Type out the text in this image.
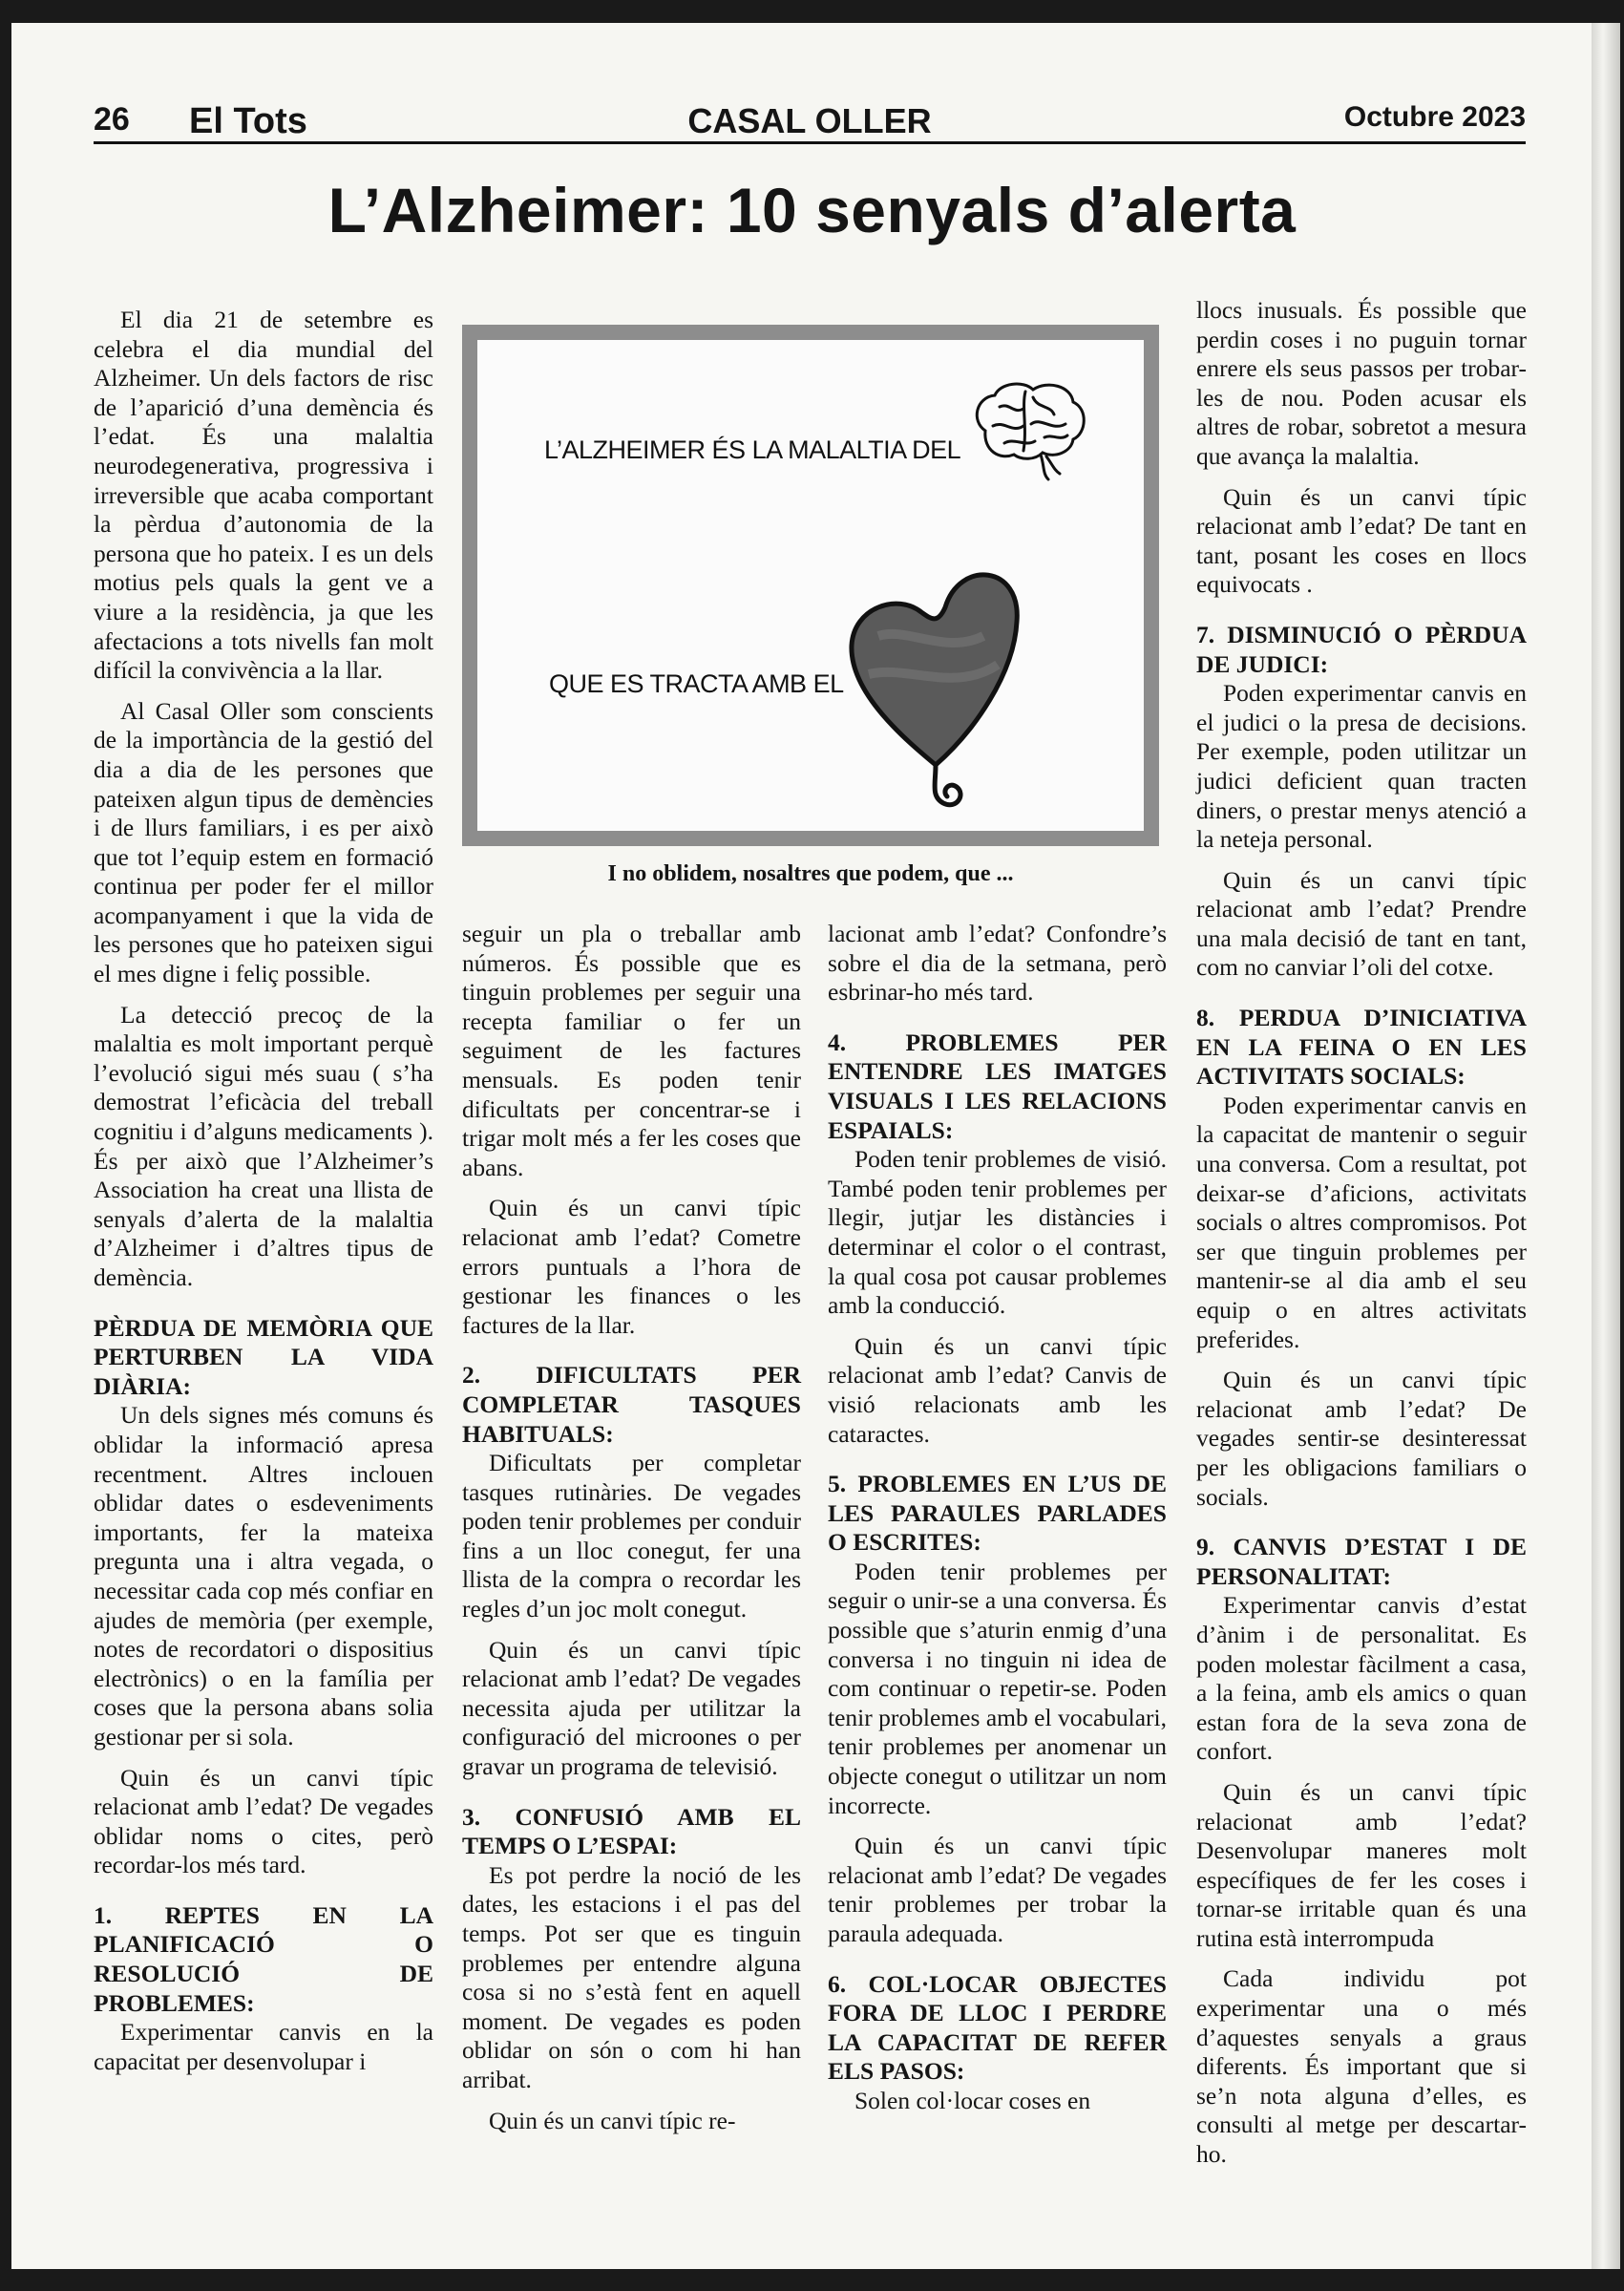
26 El Tots	CASAL OLLER	Octubre 2023
L’Alzheimer: 10 senyals d’alerta

El dia 21 de setembre es celebra el dia mundial del Alzheimer. Un dels factors de risc de l’aparició d’una demència és l’edat. És una malaltia neurodegenerativa, progressiva i irreversible que acaba comportant la pèrdua d’autonomia de la persona que ho pateix. I es un dels motius pels quals la gent ve a viure a la residència, ja que les afectacions a tots nivells fan molt difícil la convivència a la llar.

Al Casal Oller som conscients de la importància de la gestió del dia a dia de les persones que pateixen algun tipus de demències i de llurs familiars, i es per això que tot l’equip estem en formació continua per poder fer el millor acompanyament i que la vida de les persones que ho pateixen sigui el mes digne i feliç possible.

La detecció precoç de la malaltia es molt important perquè l’evolució sigui més suau ( s’ha demostrat l’eficàcia del treball cognitiu i d’alguns medicaments ). És per això que l’Alzheimer’s Association ha creat una llista de senyals d’alerta de la malaltia d’Alzheimer i d’altres tipus de demència.

PÈRDUA DE MEMÒRIA QUE PERTURBEN LA VIDA DIÀRIA:

Un dels signes més comuns és oblidar la informació apresa recentment. Altres inclouen oblidar dates o esdeveniments importants, fer la mateixa pregunta una i altra vegada, o necessitar cada cop més confiar en ajudes de memòria (per exemple, notes de recordatori o dispositius electrònics) o en la família per coses que la persona abans solia gestionar per si sola.

Quin és un canvi típic relacionat amb l’edat? De vegades oblidar noms o cites, però recordar-los més tard.

1. REPTES EN LA PLANIFICACIÓ O RESOLUCIÓ DE PROBLEMES:

Experimentar canvis en la capacitat per desenvolupar i

L’ALZHEIMER ÉS LA MALALTIA DEL
QUE ES TRACTA AMB EL
I no oblidem, nosaltres que podem, que ...

seguir un pla o treballar amb números. És possible que es tinguin problemes per seguir una recepta familiar o fer un seguiment de les factures mensuals. Es poden tenir dificultats per concentrar-se i trigar molt més a fer les coses que abans.

Quin és un canvi típic relacionat amb l’edat? Cometre errors puntuals a l’hora de gestionar les finances o les factures de la llar.

2. DIFICULTATS PER COMPLETAR TASQUES HABITUALS:

Dificultats per completar tasques rutinàries. De vegades poden tenir problemes per conduir fins a un lloc conegut, fer una llista de la compra o recordar les regles d’un joc molt conegut.

Quin és un canvi típic relacionat amb l’edat? De vegades necessita ajuda per utilitzar la configuració del microones o per gravar un programa de televisió.

3. CONFUSIÓ AMB EL TEMPS O L’ESPAI:

Es pot perdre la noció de les dates, les estacions i el pas del temps. Pot ser que es tinguin problemes per entendre alguna cosa si no s’està fent en aquell moment. De vegades es poden oblidar on són o com hi han arribat.

Quin és un canvi típic re-

lacionat amb l’edat? Confondre’s sobre el dia de la setmana, però esbrinar-ho més tard.

4. PROBLEMES PER ENTENDRE LES IMATGES VISUALS I LES RELACIONS ESPAIALS:

Poden tenir problemes de visió. També poden tenir problemes per llegir, jutjar les distàncies i determinar el color o el contrast, la qual cosa pot causar problemes amb la conducció.

Quin és un canvi típic relacionat amb l’edat? Canvis de visió relacionats amb les cataractes.

5. PROBLEMES EN L’US DE LES PARAULES PARLADES O ESCRITES:

Poden tenir problemes per seguir o unir-se a una conversa. És possible que s’aturin enmig d’una conversa i no tinguin ni idea de com continuar o repetir-se. Poden tenir problemes amb el vocabulari, tenir problemes per anomenar un objecte conegut o utilitzar un nom incorrecte.

Quin és un canvi típic relacionat amb l’edat? De vegades tenir problemes per trobar la paraula adequada.

6. COL·LOCAR OBJECTES FORA DE LLOC I PERDRE LA CAPACITAT DE REFER ELS PASOS:

Solen col·locar coses en

llocs inusuals. És possible que perdin coses i no puguin tornar enrere els seus passos per trobar-les de nou. Poden acusar els altres de robar, sobretot a mesura que avança la malaltia.

Quin és un canvi típic relacionat amb l’edat? De tant en tant, posant les coses en llocs equivocats .

7. DISMINUCIÓ O PÈRDUA DE JUDICI:

Poden experimentar canvis en el judici o la presa de decisions. Per exemple, poden utilitzar un judici deficient quan tracten diners, o prestar menys atenció a la neteja personal.

Quin és un canvi típic relacionat amb l’edat? Prendre una mala decisió de tant en tant, com no canviar l’oli del cotxe.

8. PERDUA D’INICIATIVA EN LA FEINA O EN LES ACTIVITATS SOCIALS:

Poden experimentar canvis en la capacitat de mantenir o seguir una conversa. Com a resultat, pot deixar-se d’aficions, activitats socials o altres compromisos. Pot ser que tinguin problemes per mantenir-se al dia amb el seu equip o en altres activitats preferides.

Quin és un canvi típic relacionat amb l’edat? De vegades sentir-se desinteressat per les obligacions familiars o socials.

9. CANVIS D’ESTAT I DE PERSONALITAT:

Experimentar canvis d’estat d’ànim i de personalitat. Es poden molestar fàcilment a casa, a la feina, amb els amics o quan estan fora de la seva zona de confort.

Quin és un canvi típic relacionat amb l’edat? Desenvolupar maneres molt específiques de fer les coses i tornar-se irritable quan és una rutina està interrompuda

Cada individu pot experimentar una o més d’aquestes senyals a graus diferents. És important que si se’n nota alguna d’elles, es consulti al metge per descartar-ho.
